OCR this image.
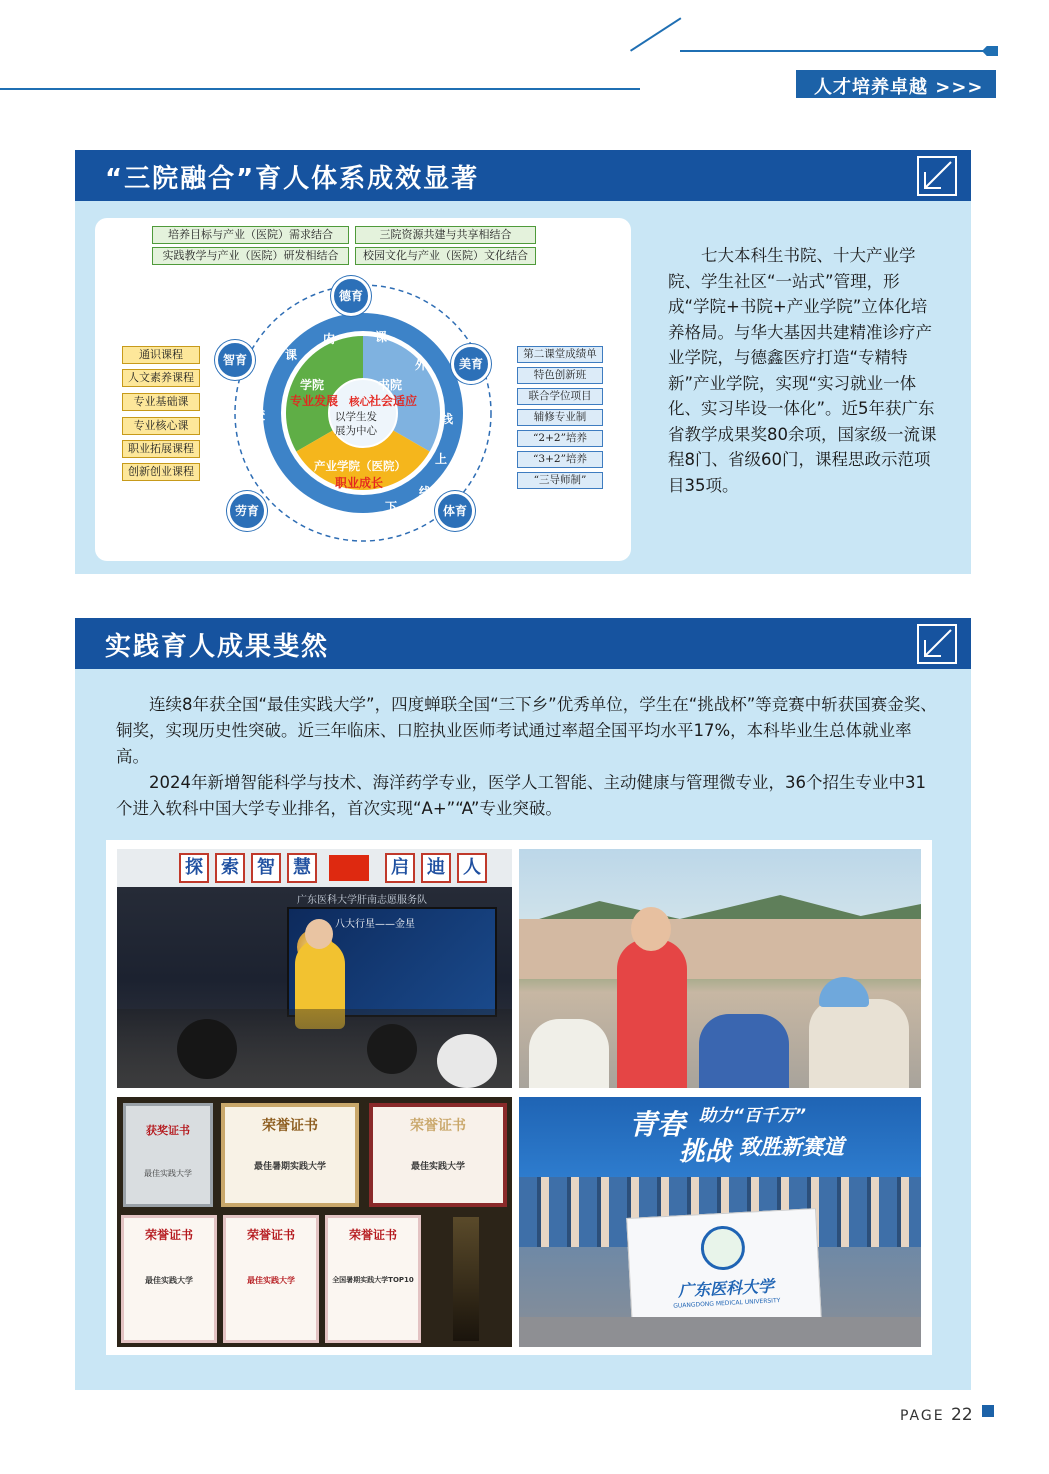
人才培养卓越 >>>
“三院融合”育人体系成效显著
培养目标与产业（医院）需求结合	三院资源共建与共享相结合
实践教学与产业（医院）研发相结合	校园文化与产业（医院）文化结合
内	课
外
线
上
线
下
外
校
内
校
课
学院
专业发展
书院
社会适应
产业学院（医院）
职业成长
核心
以学生发
展为中心
德育
美育
体育
劳育
智育
通识课程
人文素养课程
专业基础课
专业核心课
职业拓展课程
创新创业课程
第二课堂成绩单
特色创新班
联合学位项目
辅修专业制
“2+2”培养
“3+2”培养
“三导师制”

七大本科生书院、十大产业学院、学生社区“一站式”管理，形成“学院+书院+产业学院”立体化培养格局。与华大基因共建精准诊疗产业学院，与德鑫医疗打造“专精特新”产业学院，实现“实习就业一体化、实习毕设一体化”。近5年获广东省教学成果奖80余项，国家级一流课程8门、省级60门，课程思政示范项目35项。

实践育人成果斐然

连续8年获全国“最佳实践大学”，四度蝉联全国“三下乡”优秀单位，学生在“挑战杯”等竞赛中斩获国赛金奖、铜奖，实现历史性突破。近三年临床、口腔执业医师考试通过率超全国平均水平17%，本科毕业生总体就业率高。

2024年新增智能科学与技术、海洋药学专业，医学人工智能、主动健康与管理微专业，36个招生专业中31个进入软科中国大学专业排名，首次实现“A+”“A”专业突破。

探	索	智	慧	启	迪	人
广东医科大学肝南志愿服务队
八大行星——金星
获奖证书
最佳实践大学
荣誉证书
最佳暑期实践大学
荣誉证书
最佳实践大学
荣誉证书
最佳实践大学
荣誉证书
最佳实践大学
荣誉证书
全国暑期实践大学TOP10
青春 助力“百千万”
挑战 致胜新赛道
广东医科大学
GUANGDONG MEDICAL UNIVERSITY
PAGE 22
